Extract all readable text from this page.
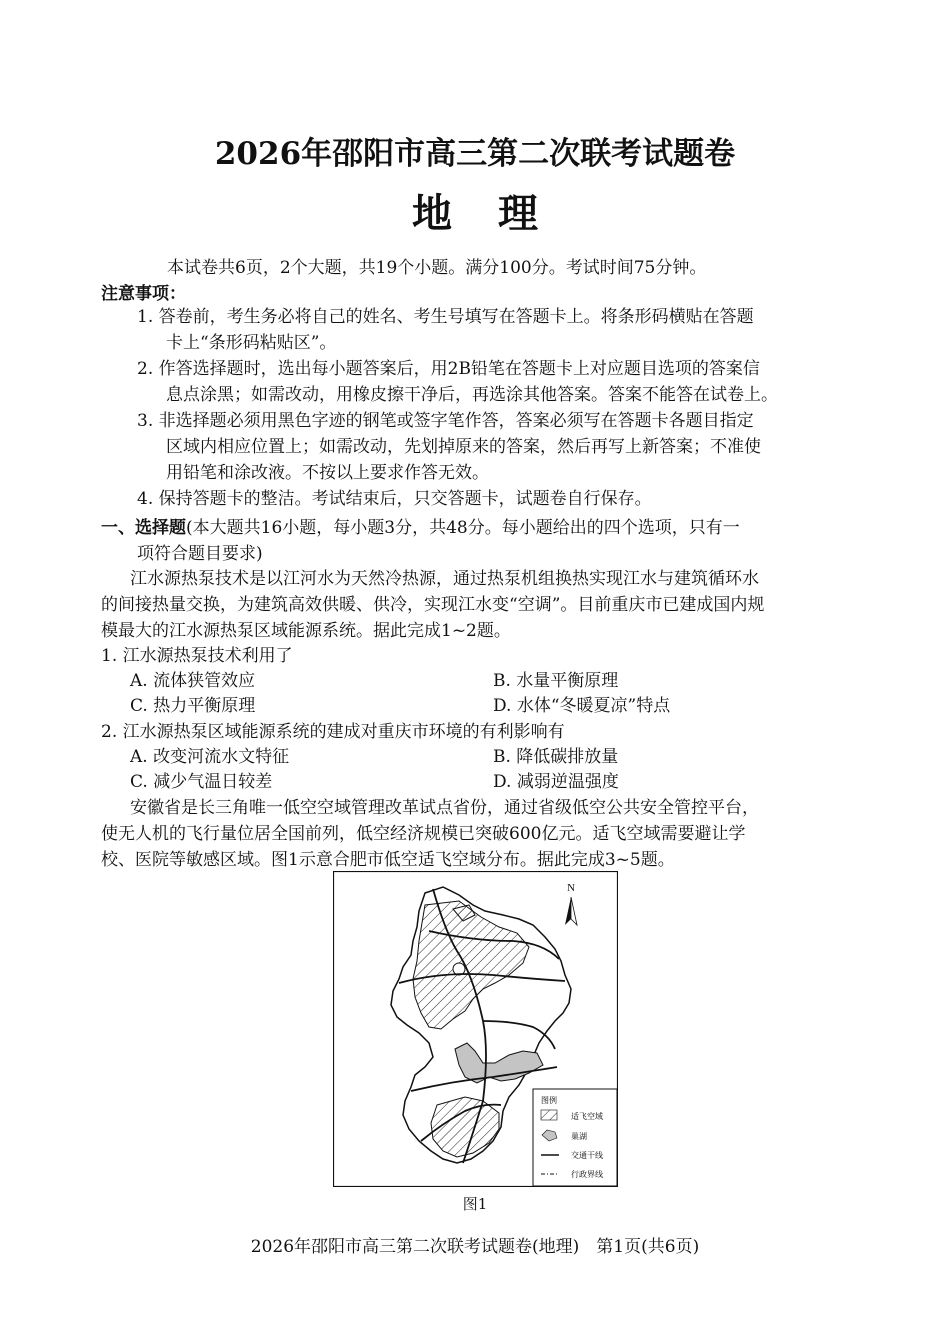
2026年邵阳市高三第二次联考试题卷
地理
本试卷共6页，2个大题，共19个小题。满分100分。考试时间75分钟。
注意事项：
1. 答卷前，考生务必将自己的姓名、考生号填写在答题卡上。将条形码横贴在答题
卡上“条形码粘贴区”。
2. 作答选择题时，选出每小题答案后，用2B铅笔在答题卡上对应题目选项的答案信
息点涂黑；如需改动，用橡皮擦干净后，再选涂其他答案。答案不能答在试卷上。
3. 非选择题必须用黑色字迹的钢笔或签字笔作答，答案必须写在答题卡各题目指定
区域内相应位置上；如需改动，先划掉原来的答案，然后再写上新答案；不准使
用铅笔和涂改液。不按以上要求作答无效。
4. 保持答题卡的整洁。考试结束后，只交答题卡，试题卷自行保存。
一、选择题(本大题共16小题，每小题3分，共48分。每小题给出的四个选项，只有一
项符合题目要求)
江水源热泵技术是以江河水为天然冷热源，通过热泵机组换热实现江水与建筑循环水
的间接热量交换，为建筑高效供暖、供冷，实现江水变“空调”。目前重庆市已建成国内规
模最大的江水源热泵区域能源系统。据此完成1~2题。
1. 江水源热泵技术利用了
A. 流体狭管效应	B. 水量平衡原理
C. 热力平衡原理	D. 水体“冬暖夏凉”特点
2. 江水源热泵区域能源系统的建成对重庆市环境的有利影响有
A. 改变河流水文特征	B. 降低碳排放量
C. 减少气温日较差	D. 减弱逆温强度
安徽省是长三角唯一低空空域管理改革试点省份，通过省级低空公共安全管控平台，
使无人机的飞行量位居全国前列，低空经济规模已突破600亿元。适飞空域需要避让学
校、医院等敏感区域。图1示意合肥市低空适飞空域分布。据此完成3~5题。
N
图例
适飞空域
巢湖
交通干线
行政界线
图1
2026年邵阳市高三第二次联考试题卷(地理)　第1页(共6页)
